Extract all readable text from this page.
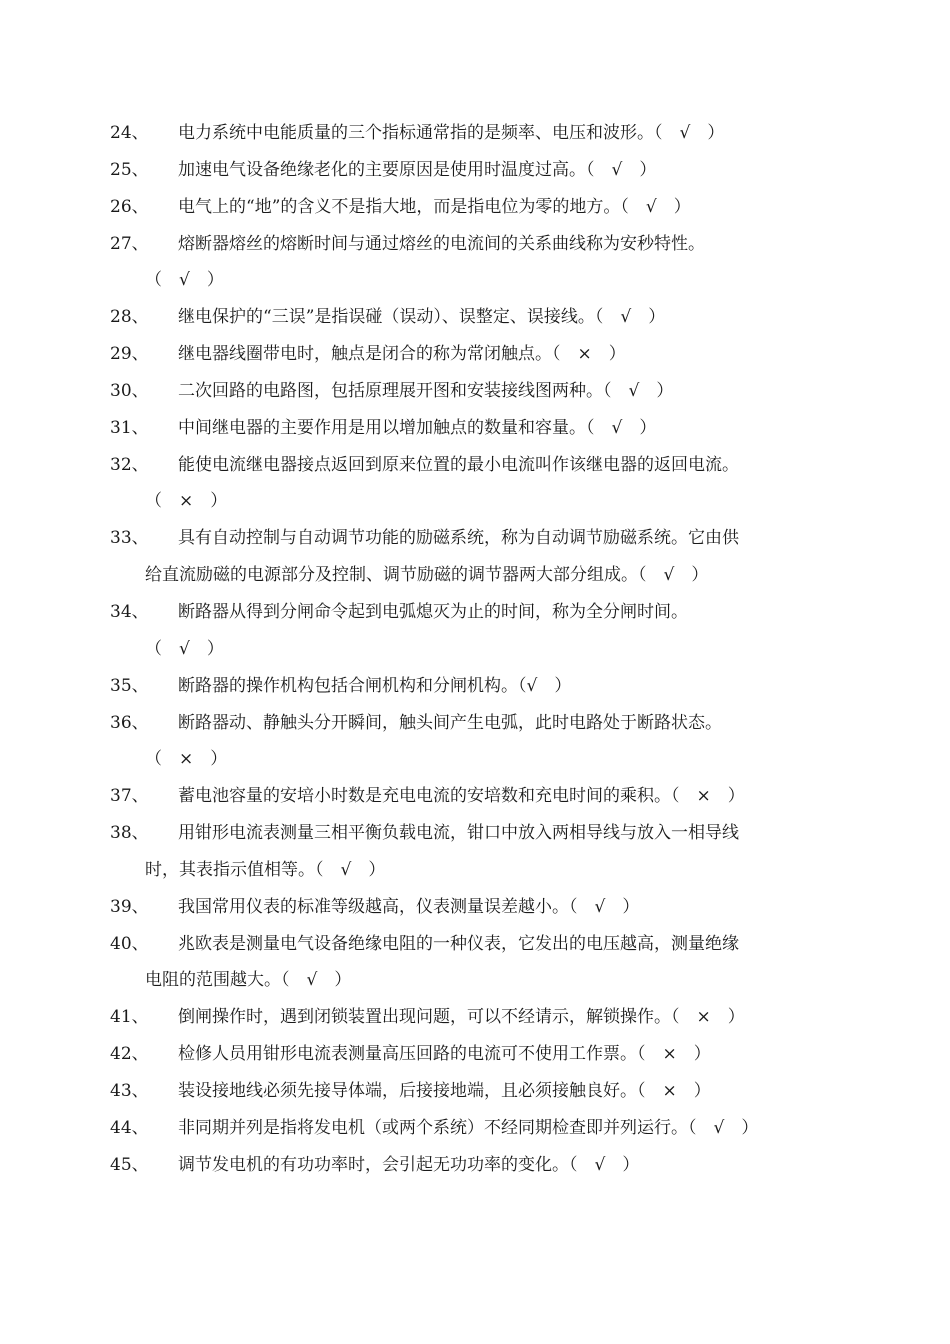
24、 电力系统中电能质量的三个指标通常指的是频率、电压和波形。（　√　）
25、 加速电气设备绝缘老化的主要原因是使用时温度过高。（　√　）
26、 电气上的“地”的含义不是指大地，而是指电位为零的地方。（　√　）
27、 熔断器熔丝的熔断时间与通过熔丝的电流间的关系曲线称为安秒特性。
（　√　）
28、 继电保护的“三误”是指误碰（误动）、误整定、误接线。（　√　）
29、 继电器线圈带电时，触点是闭合的称为常闭触点。（　×　）
30、 二次回路的电路图，包括原理展开图和安装接线图两种。（　√　）
31、 中间继电器的主要作用是用以增加触点的数量和容量。（　√　）
32、 能使电流继电器接点返回到原来位置的最小电流叫作该继电器的返回电流。
（　×　）
33、 具有自动控制与自动调节功能的励磁系统，称为自动调节励磁系统。它由供
给直流励磁的电源部分及控制、调节励磁的调节器两大部分组成。（　√　）
34、 断路器从得到分闸命令起到电弧熄灭为止的时间，称为全分闸时间。
（　√　）
35、 断路器的操作机构包括合闸机构和分闸机构。（√　）
36、 断路器动、静触头分开瞬间，触头间产生电弧，此时电路处于断路状态。
（　×　）
37、 蓄电池容量的安培小时数是充电电流的安培数和充电时间的乘积。（　×　）
38、 用钳形电流表测量三相平衡负载电流，钳口中放入两相导线与放入一相导线
时，其表指示值相等。（　√　）
39、 我国常用仪表的标准等级越高，仪表测量误差越小。（　√　）
40、 兆欧表是测量电气设备绝缘电阻的一种仪表，它发出的电压越高，测量绝缘
电阻的范围越大。（　√　）
41、 倒闸操作时，遇到闭锁装置出现问题，可以不经请示，解锁操作。（　×　）
42、 检修人员用钳形电流表测量高压回路的电流可不使用工作票。（　×　）
43、 装设接地线必须先接导体端，后接接地端，且必须接触良好。（　×　）
44、 非同期并列是指将发电机（或两个系统）不经同期检查即并列运行。（　√　）
45、 调节发电机的有功功率时，会引起无功功率的变化。（　√　）
